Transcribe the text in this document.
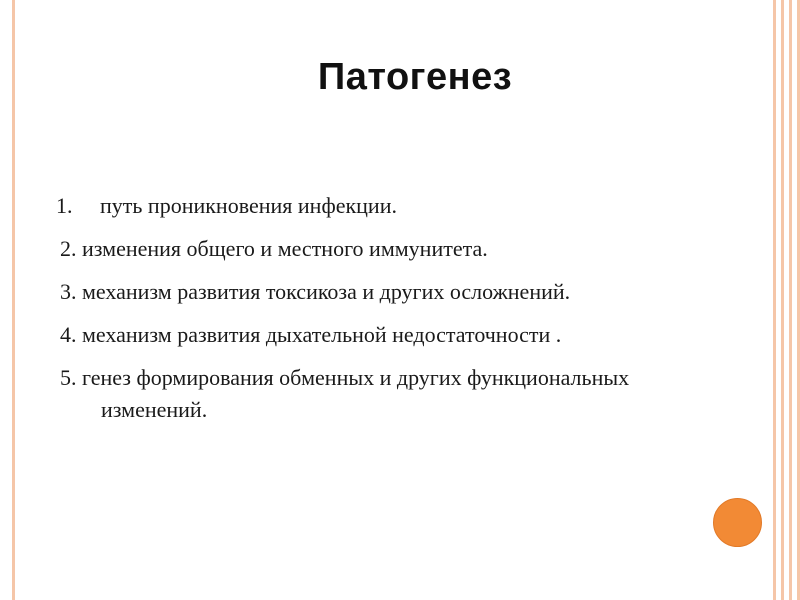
Патогенез
1. путь проникновения инфекции.
2. изменения общего и местного иммунитета.
3. механизм развития токсикоза и других осложнений.
4. механизм развития дыхательной недостаточности .
5. генез формирования обменных и других функциональных
изменений.
